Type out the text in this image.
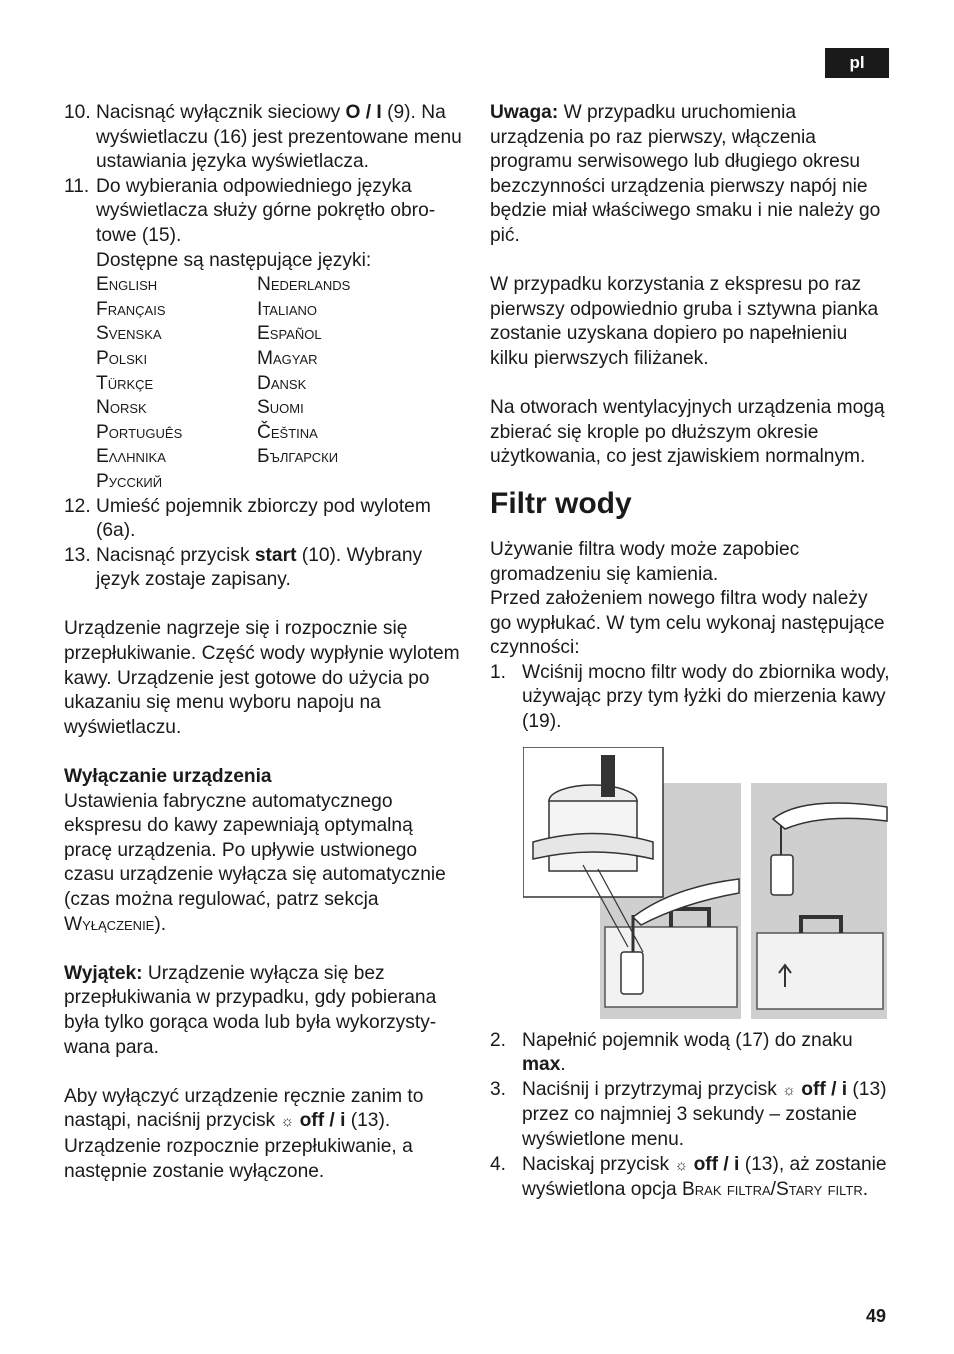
pl
10. Nacisnąć wyłącznik sieciowy O / I (9). Na wyświetlaczu (16) jest prezentowane menu ustawiania języka wyświetlacza.
11. Do wybierania odpowiedniego języka wyświetlacza służy górne pokrętło obrotowe (15).

Dostępne są następujące języki:

English	Nederlands
Français	Italiano
Svenska	Español
Polski	Magyar
Türkçe	Dansk
Norsk	Suomi
Português	Čeština
Ελληνικα	Български
Русский
12. Umieść pojemnik zbiorczy pod wylotem (6a).

13. Nacisnąć przycisk start (10). Wybrany język zostaje zapisany.

Urządzenie nagrzeje się i rozpocznie się przepłukiwanie. Część wody wypłynie wylotem kawy. Urządzenie jest gotowe do użycia po ukazaniu się menu wyboru napoju na wyświetlaczu.

Wyłączanie urządzenia

Ustawienia fabryczne automatycznego ekspresu do kawy zapewniają optymalną pracę urządzenia. Po upływie ustwionego czasu urządzenie wyłącza się automatycznie (czas można regulować, patrz sekcja Wyłączenie).

Wyjątek: Urządzenie wyłącza się bez przepłukiwania w przypadku, gdy pobierana była tylko gorąca woda lub była wykorzystywana para.

Aby wyłączyć urządzenie ręcznie zanim to nastąpi, naciśnij przycisk ☼ off / i (13). Urządzenie rozpocznie przepłukiwanie, a następnie zostanie wyłączone.

Uwaga: W przypadku uruchomienia urządzenia po raz pierwszy, włączenia programu serwisowego lub długiego okresu bezczynności urządzenia pierwszy napój nie będzie miał właściwego smaku i nie należy go pić.

W przypadku korzystania z ekspresu po raz pierwszy odpowiednio gruba i sztywna pianka zostanie uzyskana dopiero po napełnieniu kilku pierwszych filiżanek.

Na otworach wentylacyjnych urządzenia mogą zbierać się krople po dłuższym okresie użytkowania, co jest zjawiskiem normalnym.

Filtr wody

Używanie filtra wody może zapobiec gromadzeniu się kamienia.

Przed założeniem nowego filtra wody należy go wypłukać. W tym celu wykonaj następujące czynności:

1. Wciśnij mocno filtr wody do zbiornika wody, używając przy tym łyżki do mierzenia kawy (19).

2. Napełnić pojemnik wodą (17) do znaku max.

3. Naciśnij i przytrzymaj przycisk ☼ off / i (13) przez co najmniej 3 sekundy – zostanie wyświetlone menu.

4. Naciskaj przycisk ☼ off / i (13), aż zostanie wyświetlona opcja Brak filtra/Stary filtr.

49
